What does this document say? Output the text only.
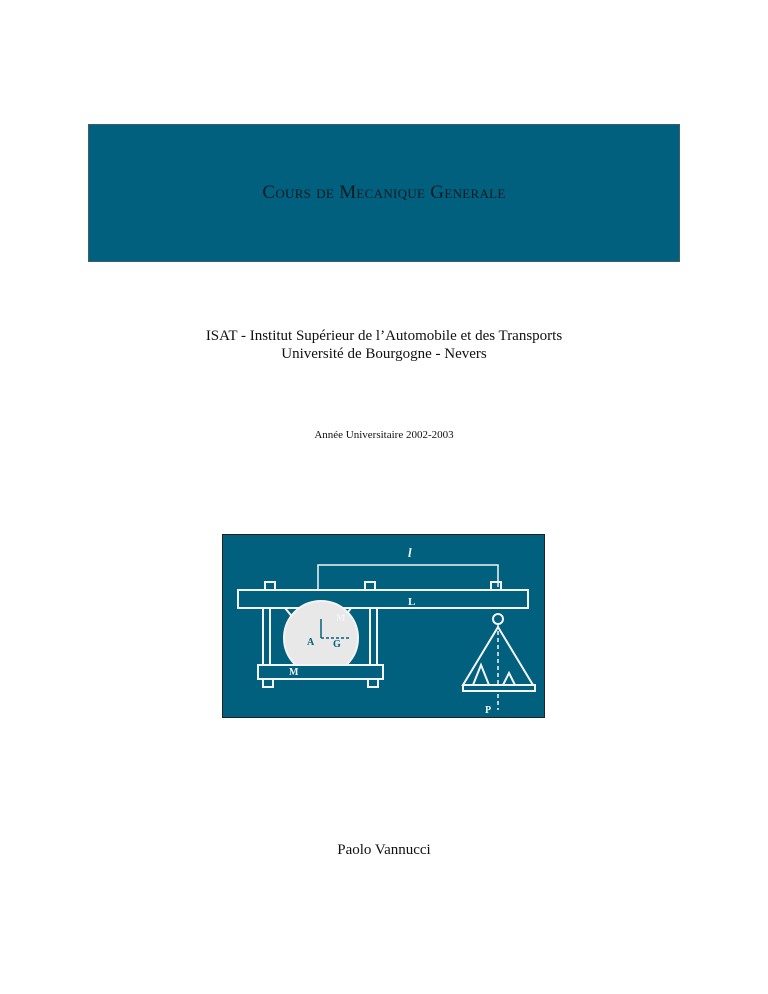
Cours de Mecanique Generale
ISAT - Institut Supérieur de l’Automobile et des Transports
Université de Bourgogne - Nevers
Année Universitaire 2002-2003
l
L
M
M
A G
P
Paolo Vannucci
